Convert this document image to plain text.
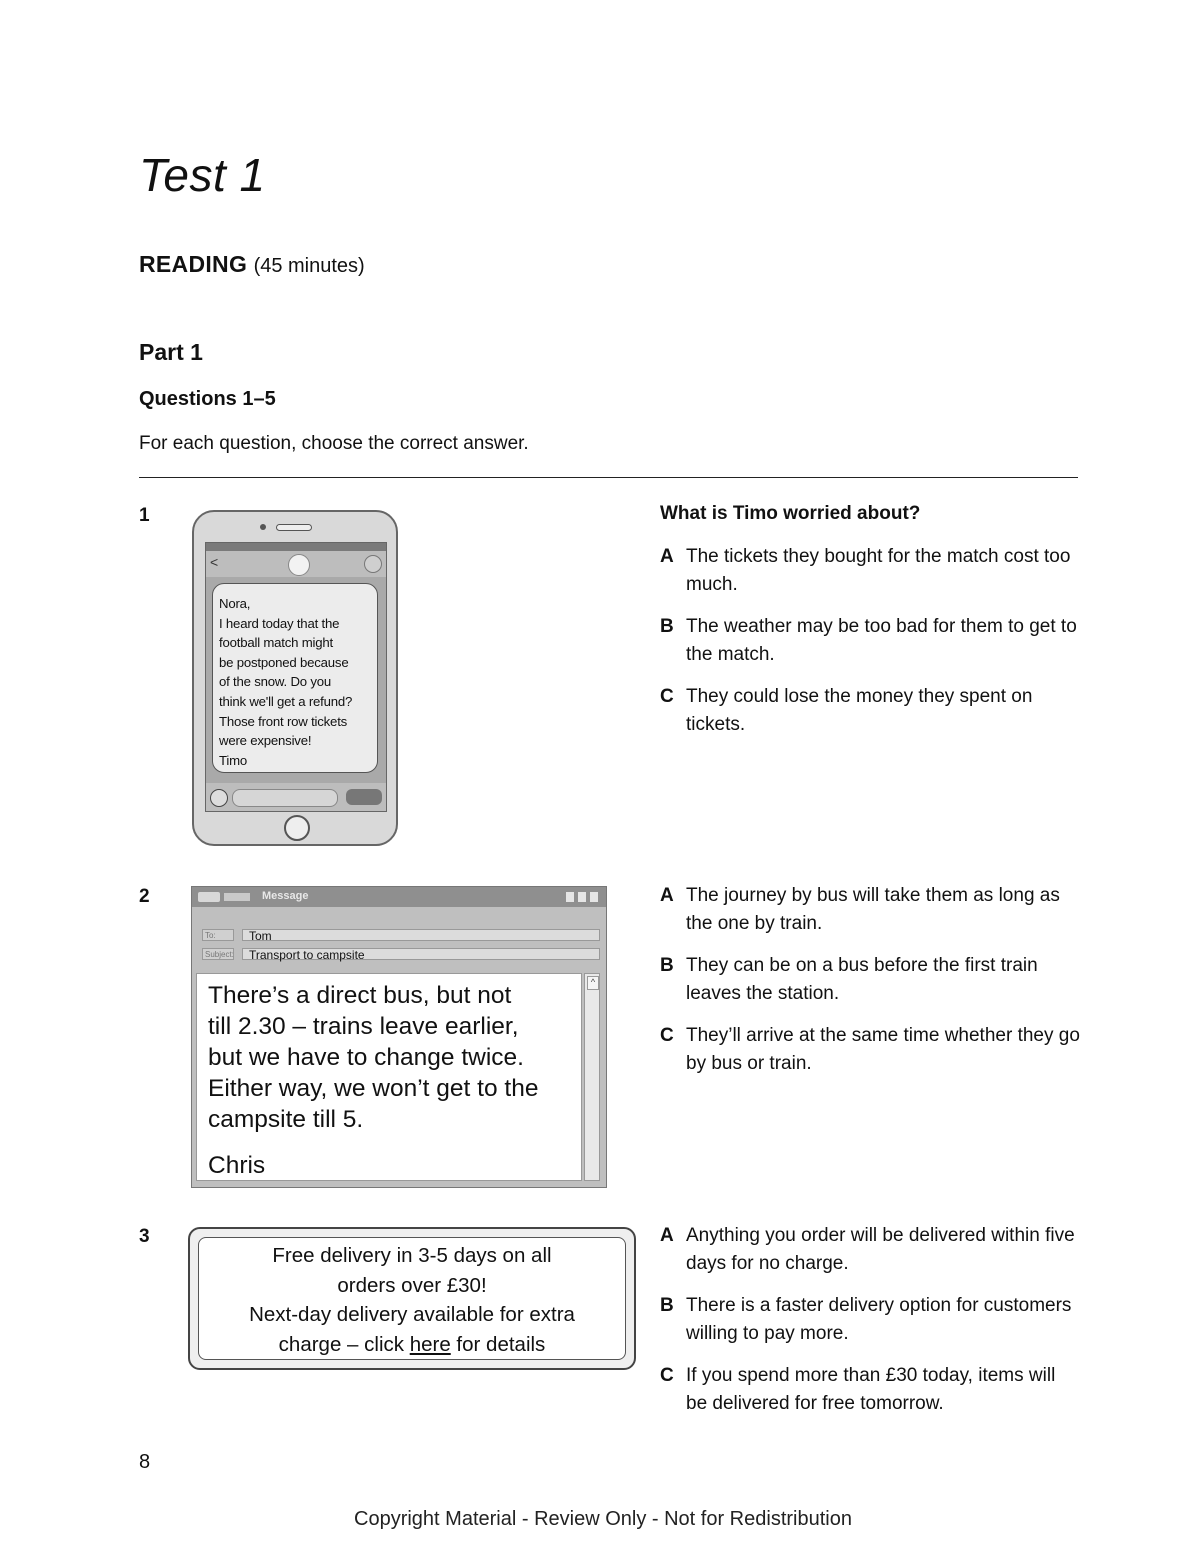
Test 1
READING (45 minutes)
Part 1
Questions 1–5
For each question, choose the correct answer.
1
<
Nora,
I heard today that the
football match might
be postponed because
of the snow. Do you
think we'll get a refund?
Those front row tickets
were expensive!
Timo
What is Timo worried about?
A The tickets they bought for the match cost too much.
B The weather may be too bad for them to get to the match.
C They could lose the money they spent on tickets.
2	Message
To:	Tom
Subject:	Transport to campsite
There’s a direct bus, but not
till 2.30 – trains leave earlier,
but we have to change twice.
Either way, we won’t get to the
campsite till 5.
Chris
^
A The journey by bus will take them as long as the one by train.
B They can be on a bus before the first train leaves the station.
C They’ll arrive at the same time whether they go by bus or train.
3
Free delivery in 3-5 days on all
orders over £30!
Next-day delivery available for extra
charge – click here for details
A Anything you order will be delivered within five days for no charge.
B There is a faster delivery option for customers willing to pay more.
C If you spend more than £30 today, items will be delivered for free tomorrow.
8
Copyright Material - Review Only - Not for Redistribution
